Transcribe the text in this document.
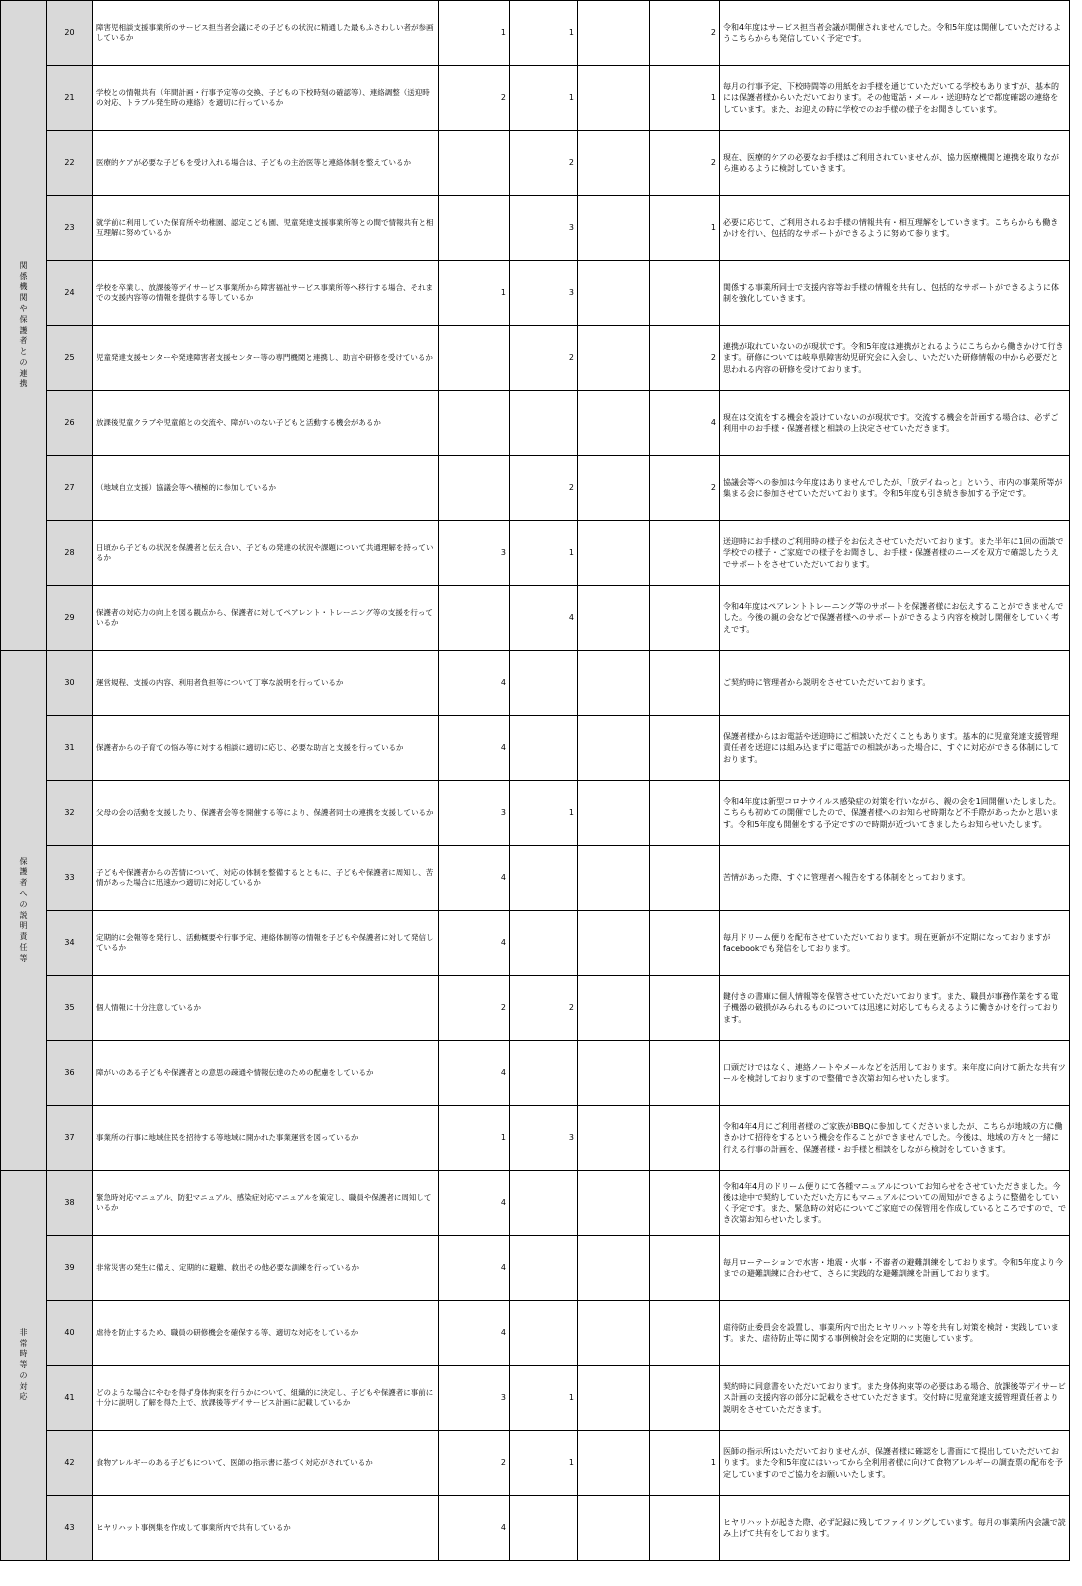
関係機関や保護者との連携	20	障害児相談支援事業所のサービス担当者会議にその子どもの状況に精通した最もふさわしい者が参画しているか	1	1		2	令和4年度はサービス担当者会議が開催されませんでした。令和5年度は開催していただけるようこちらからも発信していく予定です。
	21	学校との情報共有（年間計画・行事予定等の交換、子どもの下校時刻の確認等）、連絡調整（送迎時の対応、トラブル発生時の連絡）を適切に行っているか	2	1		1	毎月の行事予定、下校時間等の用紙をお手様を通じていただいてる学校もありますが、基本的には保護者様からいただいております。その他電話・メール・送迎時などで都度確認の連絡をしています。また、お迎えの時に学校でのお手様の様子をお聞きしています。
	22	医療的ケアが必要な子どもを受け入れる場合は、子どもの主治医等と連絡体制を整えているか		2		2	現在、医療的ケアの必要なお手様はご利用されていませんが、協力医療機関と連携を取りながら進めるように検討していきます。
	23	就学前に利用していた保育所や幼稚園、認定こども園、児童発達支援事業所等との間で情報共有と相互理解に努めているか		3		1	必要に応じて、ご利用されるお手様の情報共有・相互理解をしていきます。こちらからも働きかけを行い、包括的なサポートができるように努めて参ります。
	24	学校を卒業し、放課後等デイサービス事業所から障害福祉サービス事業所等へ移行する場合、それまでの支援内容等の情報を提供する等しているか	1	3			関係する事業所同士で支援内容等お手様の情報を共有し、包括的なサポートができるように体制を強化していきます。
	25	児童発達支援センターや発達障害者支援センター等の専門機関と連携し、助言や研修を受けているか		2		2	連携が取れていないのが現状です。令和5年度は連携がとれるようにこちらから働きかけて行きます。研修については岐阜県障害幼児研究会に入会し、いただいた研修情報の中から必要だと思われる内容の研修を受けております。
	26	放課後児童クラブや児童館との交流や、障がいのない子どもと活動する機会があるか				4	現在は交流をする機会を設けていないのが現状です。交流する機会を計画する場合は、必ずご利用中のお手様・保護者様と相談の上決定させていただきます。
	27	（地域自立支援）協議会等へ積極的に参加しているか		2		2	協議会等への参加は今年度はありませんでしたが、「放デイねっと」という、市内の事業所等が集まる会に参加させていただいております。令和5年度も引き続き参加する予定です。
	28	日頃から子どもの状況を保護者と伝え合い、子どもの発達の状況や課題について共通理解を持っているか	3	1			送迎時にお手様のご利用時の様子をお伝えさせていただいております。また半年に1回の面談で学校での様子・ご家庭での様子をお聞きし、お手様・保護者様のニーズを双方で確認したうえでサポートをさせていただいております。
	29	保護者の対応力の向上を図る観点から、保護者に対してペアレント・トレーニング等の支援を行っているか		4			令和4年度はペアレントトレーニング等のサポートを保護者様にお伝えすることができませんでした。今後の親の会などで保護者様へのサポートができるよう内容を検討し開催をしていく考えです。
保護者への説明責任等	30	運営規程、支援の内容、利用者負担等について丁寧な説明を行っているか	4				ご契約時に管理者から説明をさせていただいております。
	31	保護者からの子育ての悩み等に対する相談に適切に応じ、必要な助言と支援を行っているか	4				保護者様からはお電話や送迎時にご相談いただくこともあります。基本的に児童発達支援管理責任者を送迎には組み込まずに電話での相談があった場合に、すぐに対応ができる体制にしております。
	32	父母の会の活動を支援したり、保護者会等を開催する等により、保護者同士の連携を支援しているか	3	1			令和4年度は新型コロナウイルス感染症の対策を行いながら、親の会を1回開催いたしました。こちらも初めての開催でしたので、保護者様へのお知らせ時期など不手際があったかと思います。令和5年度も開催をする予定ですので時期が近づいてきましたらお知らせいたします。
	33	子どもや保護者からの苦情について、対応の体制を整備するとともに、子どもや保護者に周知し、苦情があった場合に迅速かつ適切に対応しているか	4				苦情があった際、すぐに管理者へ報告をする体制をとっております。
	34	定期的に会報等を発行し、活動概要や行事予定、連絡体制等の情報を子どもや保護者に対して発信しているか	4				毎月ドリーム便りを配布させていただいております。現在更新が不定期になっておりますがfacebookでも発信をしております。
	35	個人情報に十分注意しているか	2	2			鍵付きの書庫に個人情報等を保管させていただいております。また、職員が事務作業をする電子機器の破損がみられるものについては迅速に対応してもらえるように働きかけを行っております。
	36	障がいのある子どもや保護者との意思の疎通や情報伝達のための配慮をしているか	4				口頭だけではなく、連絡ノートやメールなどを活用しております。来年度に向けて新たな共有ツールを検討しておりますので整備でき次第お知らせいたします。
	37	事業所の行事に地域住民を招待する等地域に開かれた事業運営を図っているか	1	3			令和4年4月にご利用者様のご家族がBBQに参加してくださいましたが、こちらが地域の方に働きかけて招待をするという機会を作ることができませんでした。今後は、地域の方々と一緒に行える行事の計画を、保護者様・お手様と相談をしながら検討をしていきます。
非常時等の対応	38	緊急時対応マニュアル、防犯マニュアル、感染症対応マニュアルを策定し、職員や保護者に周知しているか	4				令和4年4月のドリーム便りにて各種マニュアルについてお知らせをさせていただきました。今後は途中で契約していただいた方にもマニュアルについての周知ができるように整備をしていく予定です。また、緊急時の対応についてご家庭での保管用を作成しているところですので、でき次第お知らせいたします。
	39	非常災害の発生に備え、定期的に避難、救出その他必要な訓練を行っているか	4				毎月ローテーションで水害・地震・火事・不審者の避難訓練をしております。令和5年度より今までの避難訓練に合わせて、さらに実践的な避難訓練を計画しております。
	40	虐待を防止するため、職員の研修機会を確保する等、適切な対応をしているか	4				虐待防止委員会を設置し、事業所内で出たヒヤリハット等を共有し対策を検討・実践しています。また、虐待防止等に関する事例検討会を定期的に実施しています。
	41	どのような場合にやむを得ず身体拘束を行うかについて、組織的に決定し、子どもや保護者に事前に十分に説明し了解を得た上で、放課後等デイサービス計画に記載しているか	3	1			契約時に同意書をいただいております。また身体拘束等の必要はある場合、放課後等デイサービス計画の支援内容の部分に記載をさせていただきます。交付時に児童発達支援管理責任者より説明をさせていただきます。
	42	食物アレルギーのある子どもについて、医師の指示書に基づく対応がされているか	2	1		1	医師の指示所はいただいておりませんが、保護者様に確認をし書面にて提出していただいております。また令和5年度にはいってから全利用者様に向けて食物アレルギーの調査票の配布を予定していますのでご協力をお願いいたします。
	43	ヒヤリハット事例集を作成して事業所内で共有しているか	4				ヒヤリハットが起きた際、必ず記録に残してファイリングしています。毎月の事業所内会議で読み上げて共有をしております。
